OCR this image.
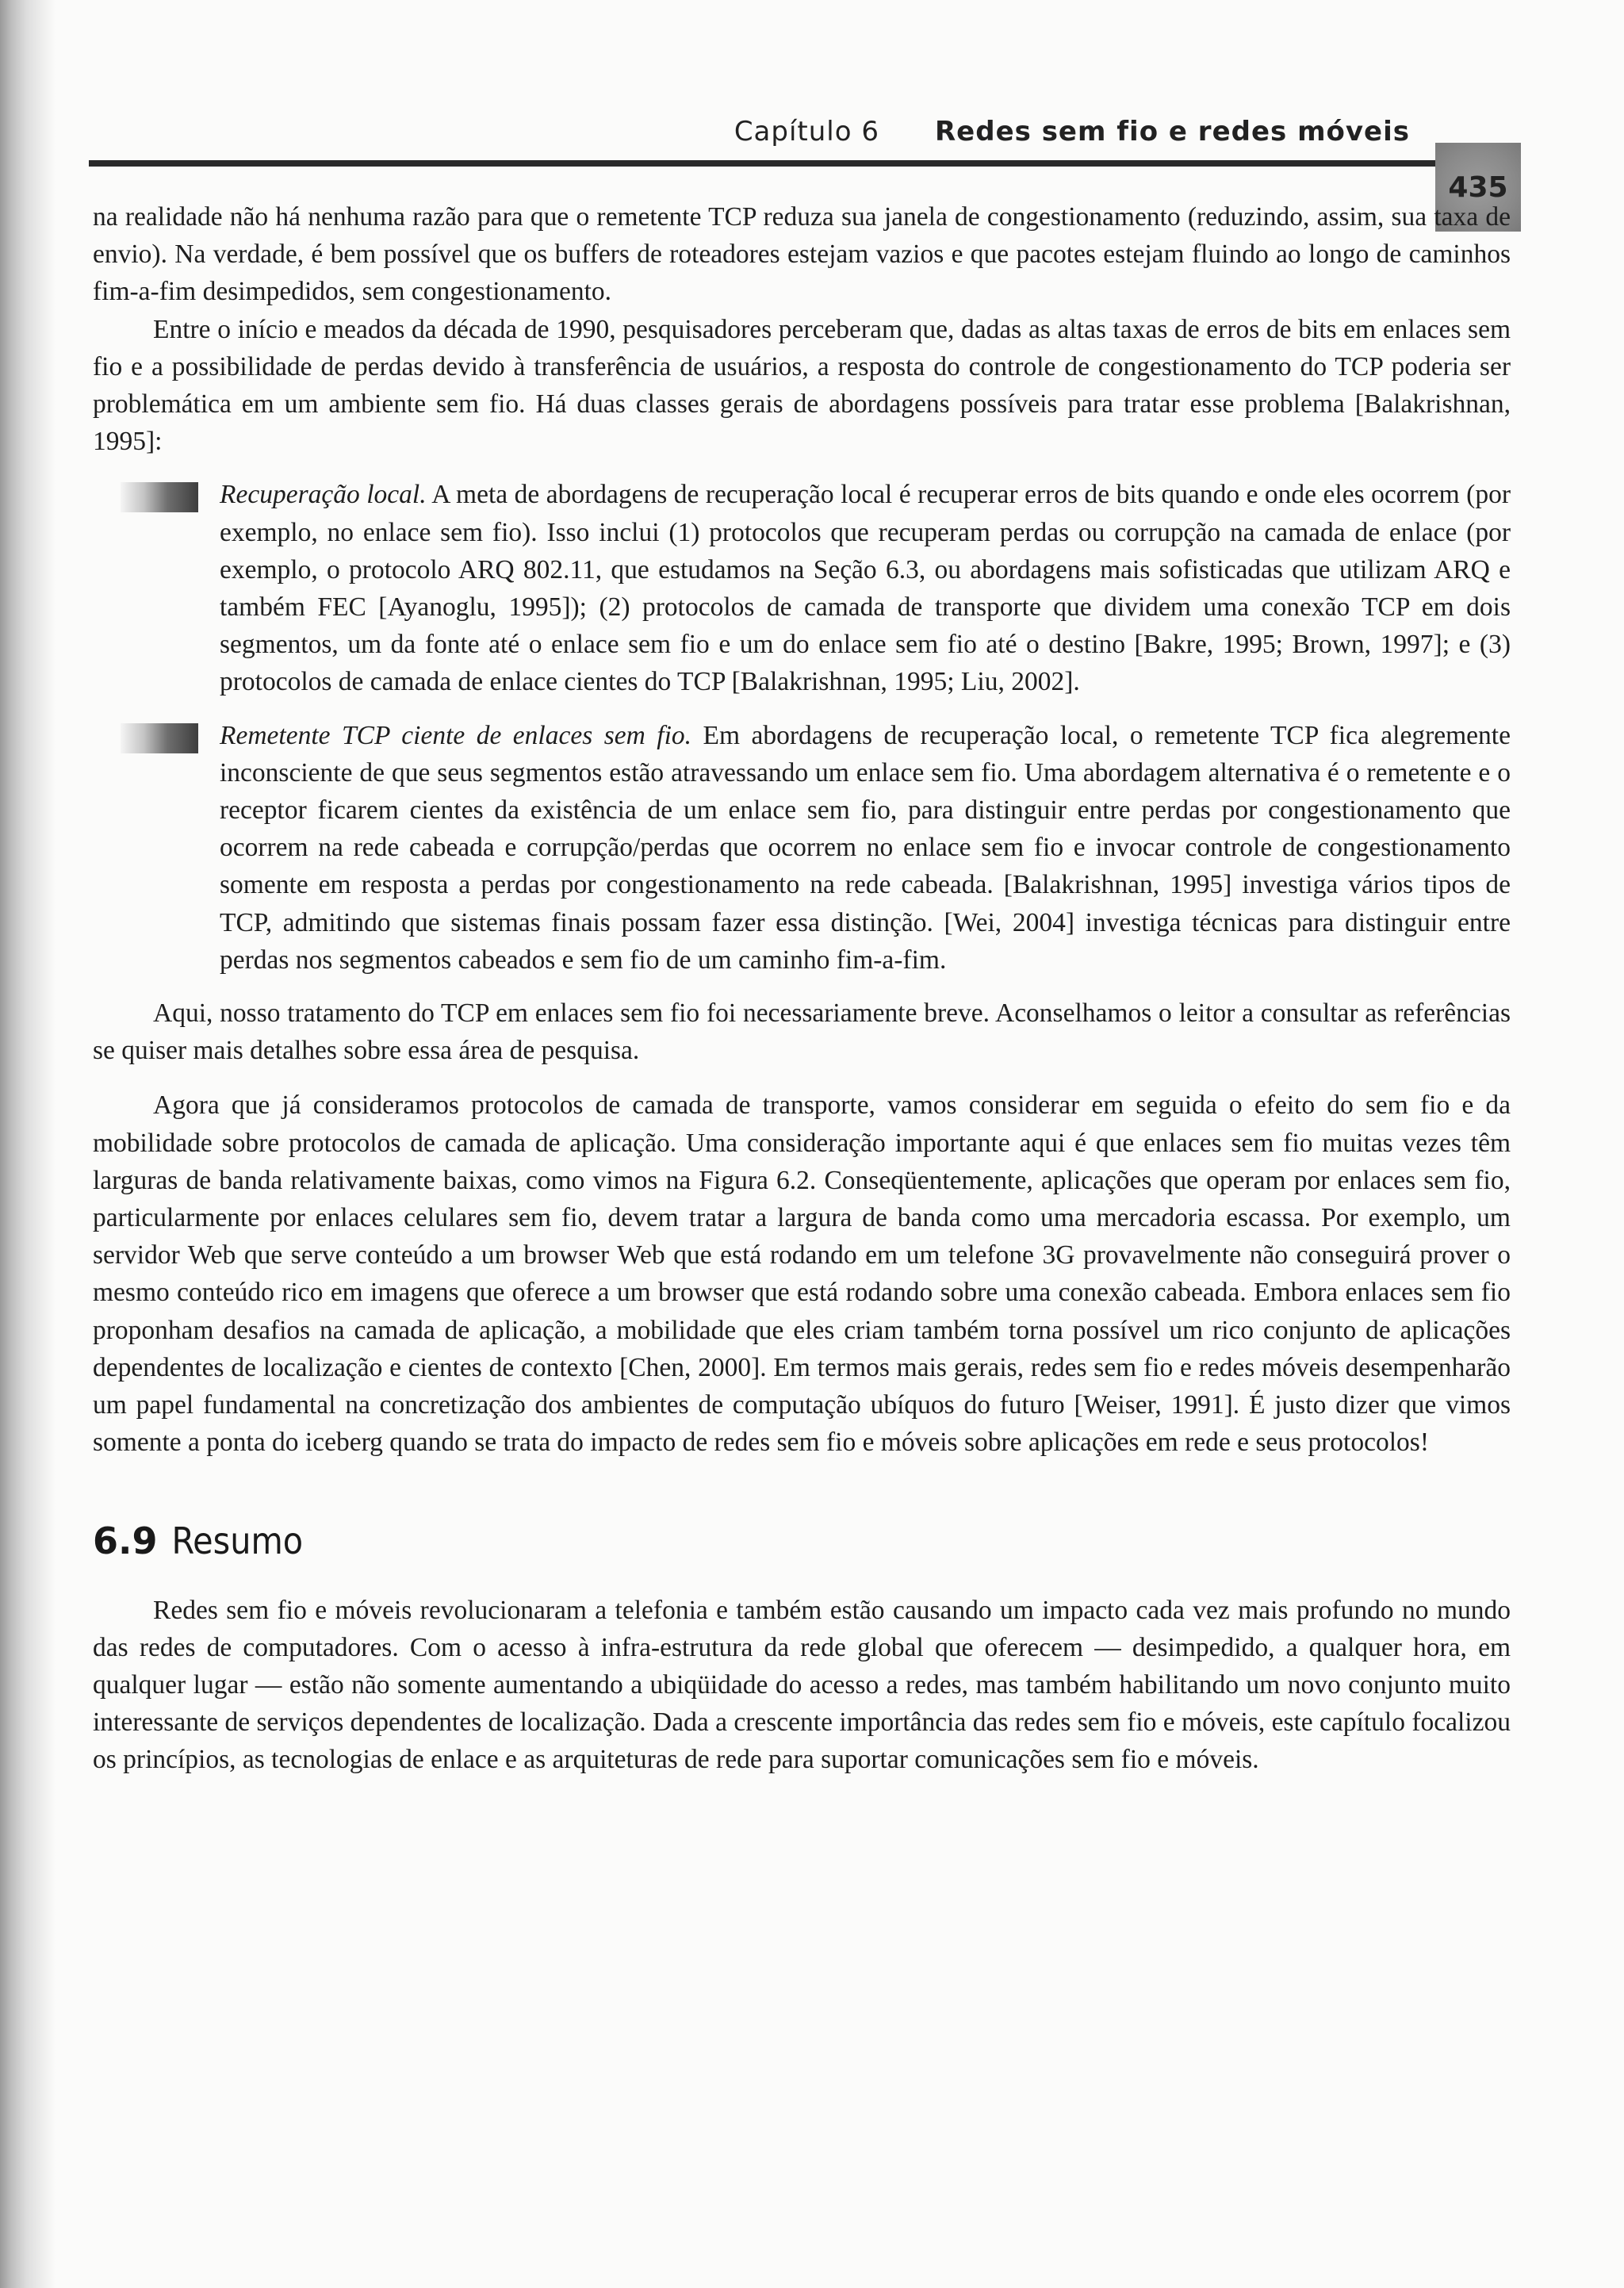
Capítulo 6 Redes sem fio e redes móveis
435

na realidade não há nenhuma razão para que o remetente TCP reduza sua janela de congestionamento (reduzindo, assim, sua taxa de envio). Na verdade, é bem possível que os buffers de roteadores estejam vazios e que pacotes estejam fluindo ao longo de caminhos fim-a-fim desimpedidos, sem congestionamento.

Entre o início e meados da década de 1990, pesquisadores perceberam que, dadas as altas taxas de erros de bits em enlaces sem fio e a possibilidade de perdas devido à transferência de usuários, a resposta do controle de congestionamento do TCP poderia ser problemática em um ambiente sem fio. Há duas classes gerais de abordagens possíveis para tratar esse problema [Balakrishnan, 1995]:

Recuperação local. A meta de abordagens de recuperação local é recuperar erros de bits quando e onde eles ocorrem (por exemplo, no enlace sem fio). Isso inclui (1) protocolos que recuperam perdas ou corrupção na camada de enlace (por exemplo, o protocolo ARQ 802.11, que estudamos na Seção 6.3, ou abordagens mais sofisticadas que utilizam ARQ e também FEC [Ayanoglu, 1995]); (2) protocolos de camada de transporte que dividem uma conexão TCP em dois segmentos, um da fonte até o enlace sem fio e um do enlace sem fio até o destino [Bakre, 1995; Brown, 1997]; e (3) protocolos de camada de enlace cientes do TCP [Balakrishnan, 1995; Liu, 2002].

Remetente TCP ciente de enlaces sem fio. Em abordagens de recuperação local, o remetente TCP fica alegremente inconsciente de que seus segmentos estão atravessando um enlace sem fio. Uma abordagem alternativa é o remetente e o receptor ficarem cientes da existência de um enlace sem fio, para distinguir entre perdas por congestionamento que ocorrem na rede cabeada e corrupção/perdas que ocorrem no enlace sem fio e invocar controle de congestionamento somente em resposta a perdas por congestionamento na rede cabeada. [Balakrishnan, 1995] investiga vários tipos de TCP, admitindo que sistemas finais possam fazer essa distinção. [Wei, 2004] investiga técnicas para distinguir entre perdas nos segmentos cabeados e sem fio de um caminho fim-a-fim.

Aqui, nosso tratamento do TCP em enlaces sem fio foi necessariamente breve. Aconselhamos o leitor a consultar as referências se quiser mais detalhes sobre essa área de pesquisa.

Agora que já consideramos protocolos de camada de transporte, vamos considerar em seguida o efeito do sem fio e da mobilidade sobre protocolos de camada de aplicação. Uma consideração importante aqui é que enlaces sem fio muitas vezes têm larguras de banda relativamente baixas, como vimos na Figura 6.2. Conseqüentemente, aplicações que operam por enlaces sem fio, particularmente por enlaces celulares sem fio, devem tratar a largura de banda como uma mercadoria escassa. Por exemplo, um servidor Web que serve conteúdo a um browser Web que está rodando em um telefone 3G provavelmente não conseguirá prover o mesmo conteúdo rico em imagens que oferece a um browser que está rodando sobre uma conexão cabeada. Embora enlaces sem fio proponham desafios na camada de aplicação, a mobilidade que eles criam também torna possível um rico conjunto de aplicações dependentes de localização e cientes de contexto [Chen, 2000]. Em termos mais gerais, redes sem fio e redes móveis desempenharão um papel fundamental na concretização dos ambientes de computação ubíquos do futuro [Weiser, 1991]. É justo dizer que vimos somente a ponta do iceberg quando se trata do impacto de redes sem fio e móveis sobre aplicações em rede e seus protocolos!

6.9 Resumo

Redes sem fio e móveis revolucionaram a telefonia e também estão causando um impacto cada vez mais profundo no mundo das redes de computadores. Com o acesso à infra-estrutura da rede global que oferecem — desimpedido, a qualquer hora, em qualquer lugar — estão não somente aumentando a ubiqüidade do acesso a redes, mas também habilitando um novo conjunto muito interessante de serviços dependentes de localização. Dada a crescente importância das redes sem fio e móveis, este capítulo focalizou os princípios, as tecnologias de enlace e as arquiteturas de rede para suportar comunicações sem fio e móveis.
